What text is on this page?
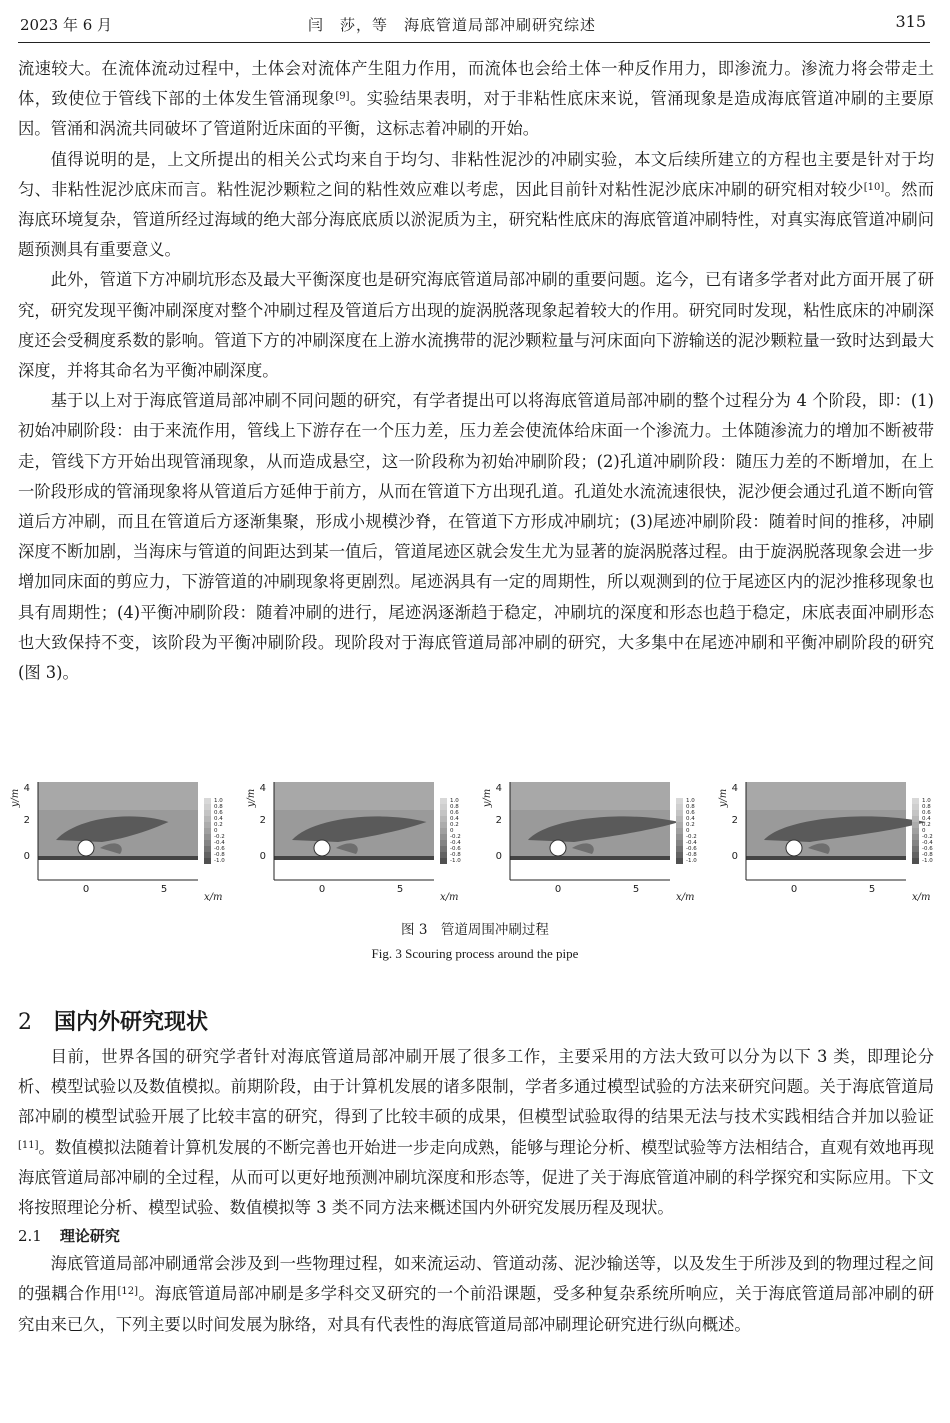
2023 年 6 月	闫　莎，等　海底管道局部冲刷研究综述	315

流速较大。在流体流动过程中，土体会对流体产生阻力作用，而流体也会给土体一种反作用力，即渗流力。渗流力将会带走土体，致使位于管线下部的土体发生管涌现象[9]。实验结果表明，对于非粘性底床来说，管涌现象是造成海底管道冲刷的主要原因。管涌和涡流共同破坏了管道附近床面的平衡，这标志着冲刷的开始。

值得说明的是，上文所提出的相关公式均来自于均匀、非粘性泥沙的冲刷实验，本文后续所建立的方程也主要是针对于均匀、非粘性泥沙底床而言。粘性泥沙颗粒之间的粘性效应难以考虑，因此目前针对粘性泥沙底床冲刷的研究相对较少[10]。然而海底环境复杂，管道所经过海域的绝大部分海底底质以淤泥质为主，研究粘性底床的海底管道冲刷特性，对真实海底管道冲刷问题预测具有重要意义。

此外，管道下方冲刷坑形态及最大平衡深度也是研究海底管道局部冲刷的重要问题。迄今，已有诸多学者对此方面开展了研究，研究发现平衡冲刷深度对整个冲刷过程及管道后方出现的旋涡脱落现象起着较大的作用。研究同时发现，粘性底床的冲刷深度还会受稠度系数的影响。管道下方的冲刷深度在上游水流携带的泥沙颗粒量与河床面向下游输送的泥沙颗粒量一致时达到最大深度，并将其命名为平衡冲刷深度。

基于以上对于海底管道局部冲刷不同问题的研究，有学者提出可以将海底管道局部冲刷的整个过程分为 4 个阶段，即：(1)初始冲刷阶段：由于来流作用，管线上下游存在一个压力差，压力差会使流体给床面一个渗流力。土体随渗流力的增加不断被带走，管线下方开始出现管涌现象，从而造成悬空，这一阶段称为初始冲刷阶段；(2)孔道冲刷阶段：随压力差的不断增加，在上一阶段形成的管涌现象将从管道后方延伸于前方，从而在管道下方出现孔道。孔道处水流流速很快，泥沙便会通过孔道不断向管道后方冲刷，而且在管道后方逐渐集聚，形成小规模沙脊，在管道下方形成冲刷坑；(3)尾迹冲刷阶段：随着时间的推移，冲刷深度不断加剧，当海床与管道的间距达到某一值后，管道尾迹区就会发生尤为显著的旋涡脱落过程。由于旋涡脱落现象会进一步增加同床面的剪应力，下游管道的冲刷现象将更剧烈。尾迹涡具有一定的周期性，所以观测到的位于尾迹区内的泥沙推移现象也具有周期性；(4)平衡冲刷阶段：随着冲刷的进行，尾迹涡逐渐趋于稳定，冲刷坑的深度和形态也趋于稳定，床底表面冲刷形态也大致保持不变，该阶段为平衡冲刷阶段。现阶段对于海底管道局部冲刷的研究，大多集中在尾迹冲刷和平衡冲刷阶段的研究(图 3)。

4
2
0
0	5
y/m
x/m
1.0
0.8
0.6
0.4
0.2
0
-0.2
-0.4
-0.6
-0.8
-1.0
4
2
0
0	5
y/m
x/m
1.0
0.8
0.6
0.4
0.2
0
-0.2
-0.4
-0.6
-0.8
-1.0
4
2
0
0	5
y/m
x/m
1.0
0.8
0.6
0.4
0.2
0
-0.2
-0.4
-0.6
-0.8
-1.0
4
2
0
0	5
y/m
x/m
1.0
0.8
0.6
0.4
0.2
0
-0.2
-0.4
-0.6
-0.8
-1.0
图 3　管道周围冲刷过程
Fig. 3 Scouring process around the pipe
2 国内外研究现状

目前，世界各国的研究学者针对海底管道局部冲刷开展了很多工作，主要采用的方法大致可以分为以下 3 类，即理论分析、模型试验以及数值模拟。前期阶段，由于计算机发展的诸多限制，学者多通过模型试验的方法来研究问题。关于海底管道局部冲刷的模型试验开展了比较丰富的研究，得到了比较丰硕的成果，但模型试验取得的结果无法与技术实践相结合并加以验证[11]。数值模拟法随着计算机发展的不断完善也开始进一步走向成熟，能够与理论分析、模型试验等方法相结合，直观有效地再现海底管道局部冲刷的全过程，从而可以更好地预测冲刷坑深度和形态等，促进了关于海底管道冲刷的科学探究和实际应用。下文将按照理论分析、模型试验、数值模拟等 3 类不同方法来概述国内外研究发展历程及现状。

2.1 理论研究

海底管道局部冲刷通常会涉及到一些物理过程，如来流运动、管道动荡、泥沙输送等，以及发生于所涉及到的物理过程之间的强耦合作用[12]。海底管道局部冲刷是多学科交叉研究的一个前沿课题，受多种复杂系统所响应，关于海底管道局部冲刷的研究由来已久，下列主要以时间发展为脉络，对具有代表性的海底管道局部冲刷理论研究进行纵向概述。
